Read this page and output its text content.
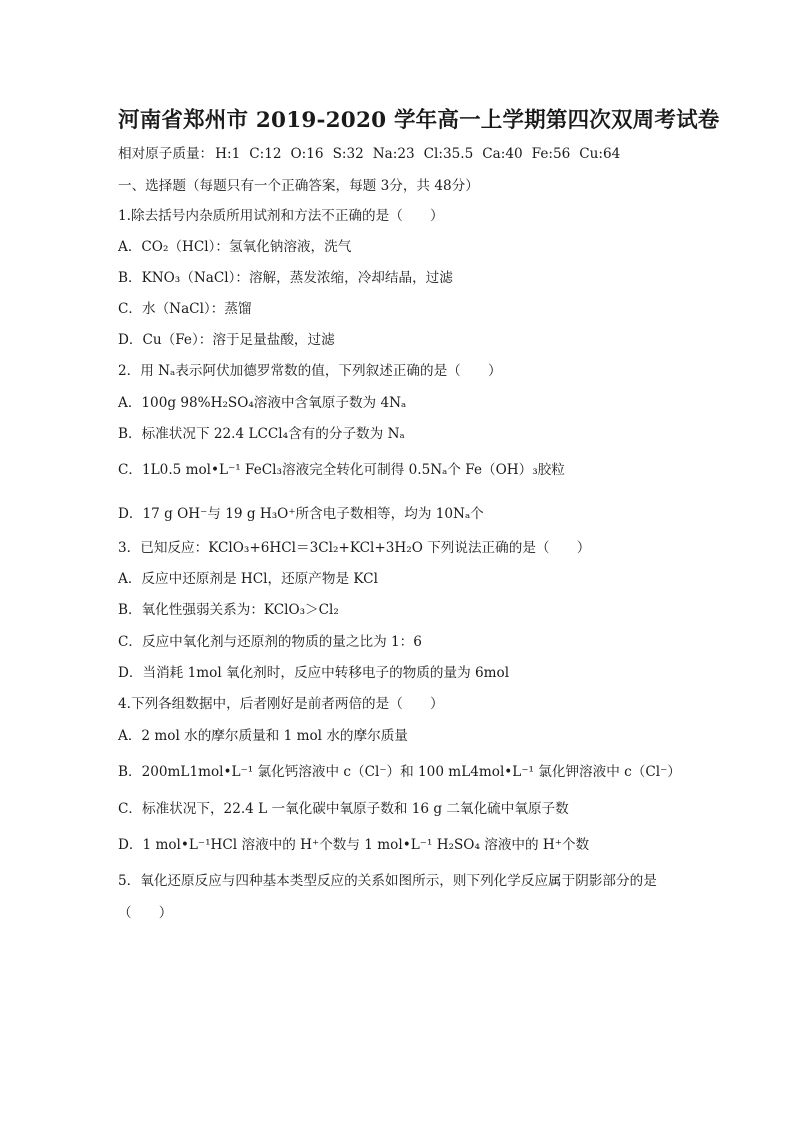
河南省郑州市 2019-2020 学年高一上学期第四次双周考试卷
相对原子质量： H:1 C:12 O:16 S:32 Na:23 Cl:35.5 Ca:40 Fe:56 Cu:64
一、选择题（每题只有一个正确答案，每题 3分，共 48分）
1.除去括号内杂质所用试剂和方法不正确的是（　　）
A．CO₂（HCl）：氢氧化钠溶液，洗气
B．KNO₃（NaCl）：溶解，蒸发浓缩，冷却结晶，过滤
C．水（NaCl）：蒸馏
D．Cu（Fe）：溶于足量盐酸，过滤
2．用 Nₐ表示阿伏加德罗常数的值，下列叙述正确的是（　　）
A．100g 98%H₂SO₄溶液中含氧原子数为 4Nₐ
B．标准状况下 22.4 LCCl₄含有的分子数为 Nₐ
C．1L0.5 mol•L⁻¹ FeCl₃溶液完全转化可制得 0.5Nₐ个 Fe（OH）₃胶粒
D．17 g OH⁻与 19 g H₃O⁺所含电子数相等，均为 10Nₐ个
3．已知反应：KClO₃+6HCl＝3Cl₂+KCl+3H₂O 下列说法正确的是（　　）
A．反应中还原剂是 HCl，还原产物是 KCl
B．氧化性强弱关系为：KClO₃＞Cl₂
C．反应中氧化剂与还原剂的物质的量之比为 1：6
D．当消耗 1mol 氧化剂时，反应中转移电子的物质的量为 6mol
4.下列各组数据中，后者刚好是前者两倍的是（　　）
A．2 mol 水的摩尔质量和 1 mol 水的摩尔质量
B．200mL1mol•L⁻¹ 氯化钙溶液中 c（Cl⁻）和 100 mL4mol•L⁻¹ 氯化钾溶液中 c（Cl⁻）
C．标准状况下，22.4 L 一氧化碳中氧原子数和 16 g 二氧化硫中氧原子数
D．1 mol•L⁻¹HCl 溶液中的 H⁺个数与 1 mol•L⁻¹ H₂SO₄ 溶液中的 H⁺个数
5．氧化还原反应与四种基本类型反应的关系如图所示，则下列化学反应属于阴影部分的是
（　　）
